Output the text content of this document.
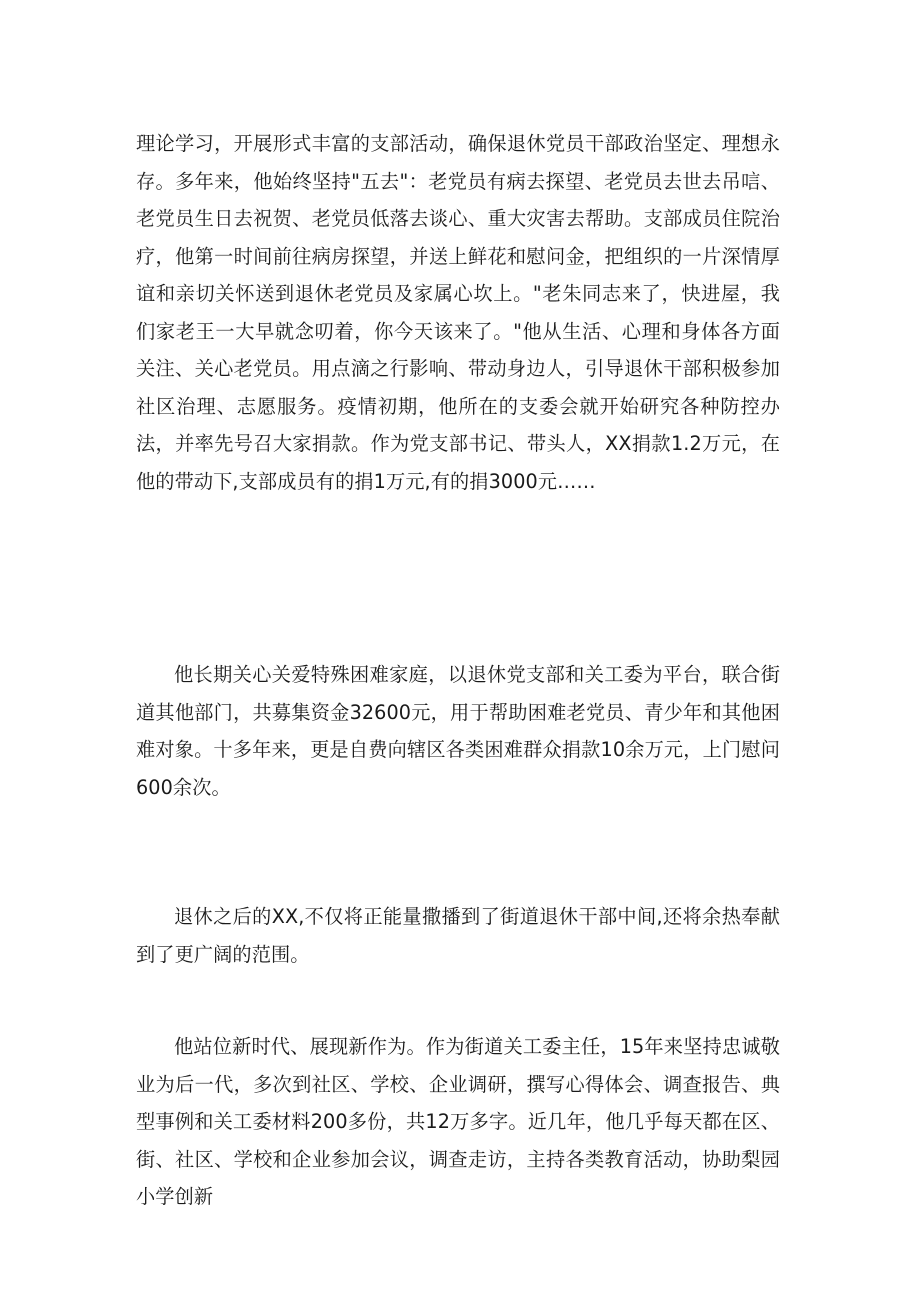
理论学习，开展形式丰富的支部活动，确保退休党员干部政治坚定、理想永存。多年来，他始终坚持"五去"：老党员有病去探望、老党员去世去吊唁、老党员生日去祝贺、老党员低落去谈心、重大灾害去帮助。支部成员住院治疗，他第一时间前往病房探望，并送上鲜花和慰问金，把组织的一片深情厚谊和亲切关怀送到退休老党员及家属心坎上。"老朱同志来了，快进屋，我们家老王一大早就念叨着，你今天该来了。"他从生活、心理和身体各方面关注、关心老党员。用点滴之行影响、带动身边人，引导退休干部积极参加社区治理、志愿服务。疫情初期，他所在的支委会就开始研究各种防控办法，并率先号召大家捐款。作为党支部书记、带头人，XX捐款1.2万元，在他的带动下,支部成员有的捐1万元,有的捐3000元……

他长期关心关爱特殊困难家庭，以退休党支部和关工委为平台，联合街道其他部门，共募集资金32600元，用于帮助困难老党员、青少年和其他困难对象。十多年来，更是自费向辖区各类困难群众捐款10余万元，上门慰问600余次。

退休之后的XX,不仅将正能量撒播到了街道退休干部中间,还将余热奉献到了更广阔的范围。

他站位新时代、展现新作为。作为街道关工委主任，15年来坚持忠诚敬业为后一代，多次到社区、学校、企业调研，撰写心得体会、调查报告、典型事例和关工委材料200多份，共12万多字。近几年，他几乎每天都在区、街、社区、学校和企业参加会议，调查走访，主持各类教育活动，协助梨园小学创新
